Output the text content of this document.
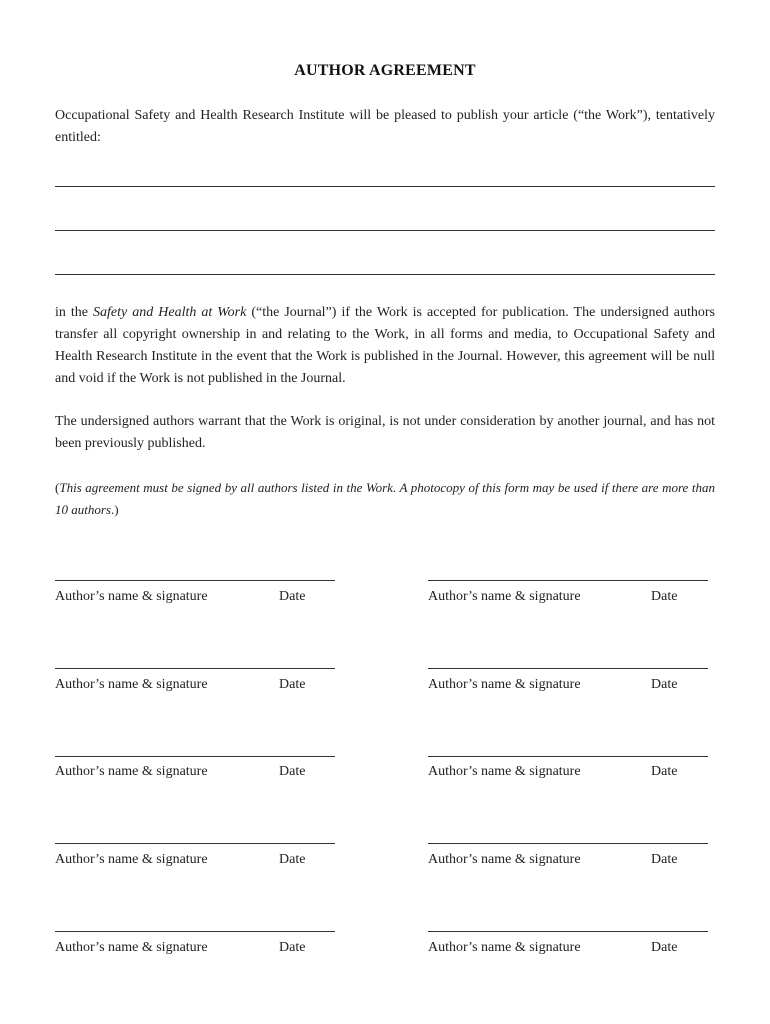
AUTHOR AGREEMENT
Occupational Safety and Health Research Institute will be pleased to publish your article (“the Work”), tentatively entitled:
in the Safety and Health at Work (“the Journal”) if the Work is accepted for publication. The undersigned authors transfer all copyright ownership in and relating to the Work, in all forms and media, to Occupational Safety and Health Research Institute in the event that the Work is published in the Journal. However, this agreement will be null and void if the Work is not published in the Journal.
The undersigned authors warrant that the Work is original, is not under consideration by another journal, and has not been previously published.
(This agreement must be signed by all authors listed in the Work. A photocopy of this form may be used if there are more than 10 authors.)
Author’s name & signature	Date	Author’s name & signature	Date
Author’s name & signature	Date	Author’s name & signature	Date
Author’s name & signature	Date	Author’s name & signature	Date
Author’s name & signature	Date	Author’s name & signature	Date
Author’s name & signature	Date	Author’s name & signature	Date
